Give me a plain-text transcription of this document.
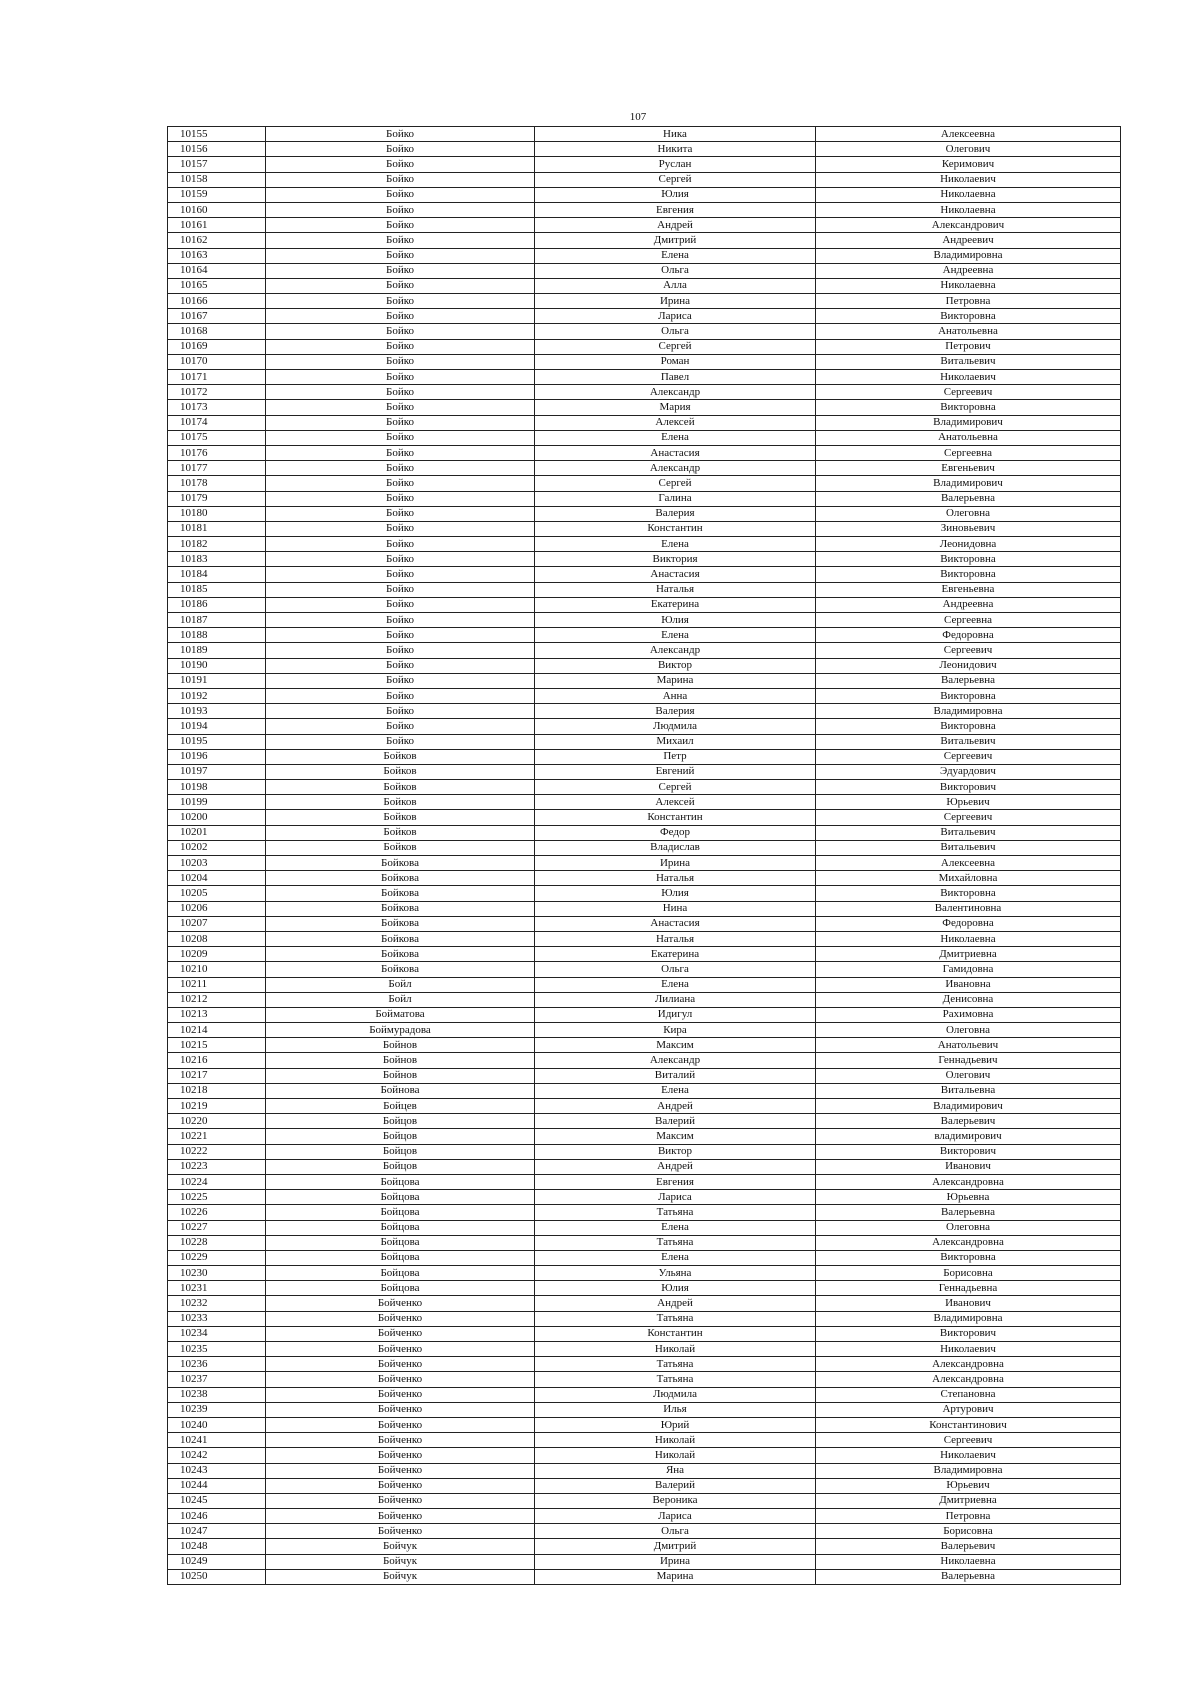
107
10155	Бойко	Ника	Алексеевна
10156	Бойко	Никита	Олегович
10157	Бойко	Руслан	Керимович
10158	Бойко	Сергей	Николаевич
10159	Бойко	Юлия	Николаевна
10160	Бойко	Евгения	Николаевна
10161	Бойко	Андрей	Александрович
10162	Бойко	Дмитрий	Андреевич
10163	Бойко	Елена	Владимировна
10164	Бойко	Ольга	Андреевна
10165	Бойко	Алла	Николаевна
10166	Бойко	Ирина	Петровна
10167	Бойко	Лариса	Викторовна
10168	Бойко	Ольга	Анатольевна
10169	Бойко	Сергей	Петрович
10170	Бойко	Роман	Витальевич
10171	Бойко	Павел	Николаевич
10172	Бойко	Александр	Сергеевич
10173	Бойко	Мария	Викторовна
10174	Бойко	Алексей	Владимирович
10175	Бойко	Елена	Анатольевна
10176	Бойко	Анастасия	Сергеевна
10177	Бойко	Александр	Евгеньевич
10178	Бойко	Сергей	Владимирович
10179	Бойко	Галина	Валерьевна
10180	Бойко	Валерия	Олеговна
10181	Бойко	Константин	Зиновьевич
10182	Бойко	Елена	Леонидовна
10183	Бойко	Виктория	Викторовна
10184	Бойко	Анастасия	Викторовна
10185	Бойко	Наталья	Евгеньевна
10186	Бойко	Екатерина	Андреевна
10187	Бойко	Юлия	Сергеевна
10188	Бойко	Елена	Федоровна
10189	Бойко	Александр	Сергеевич
10190	Бойко	Виктор	Леонидович
10191	Бойко	Марина	Валерьевна
10192	Бойко	Анна	Викторовна
10193	Бойко	Валерия	Владимировна
10194	Бойко	Людмила	Викторовна
10195	Бойко	Михаил	Витальевич
10196	Бойков	Петр	Сергеевич
10197	Бойков	Евгений	Эдуардович
10198	Бойков	Сергей	Викторович
10199	Бойков	Алексей	Юрьевич
10200	Бойков	Константин	Сергеевич
10201	Бойков	Федор	Витальевич
10202	Бойков	Владислав	Витальевич
10203	Бойкова	Ирина	Алексеевна
10204	Бойкова	Наталья	Михайловна
10205	Бойкова	Юлия	Викторовна
10206	Бойкова	Нина	Валентиновна
10207	Бойкова	Анастасия	Федоровна
10208	Бойкова	Наталья	Николаевна
10209	Бойкова	Екатерина	Дмитриевна
10210	Бойкова	Ольга	Гамидовна
10211	Бойл	Елена	Ивановна
10212	Бойл	Лилиана	Денисовна
10213	Бойматова	Идигул	Рахимовна
10214	Боймурадова	Кира	Олеговна
10215	Бойнов	Максим	Анатольевич
10216	Бойнов	Александр	Геннадьевич
10217	Бойнов	Виталий	Олегович
10218	Бойнова	Елена	Витальевна
10219	Бойцев	Андрей	Владимирович
10220	Бойцов	Валерий	Валерьевич
10221	Бойцов	Максим	владимирович
10222	Бойцов	Виктор	Викторович
10223	Бойцов	Андрей	Иванович
10224	Бойцова	Евгения	Александровна
10225	Бойцова	Лариса	Юрьевна
10226	Бойцова	Татьяна	Валерьевна
10227	Бойцова	Елена	Олеговна
10228	Бойцова	Татьяна	Александровна
10229	Бойцова	Елена	Викторовна
10230	Бойцова	Ульяна	Борисовна
10231	Бойцова	Юлия	Геннадьевна
10232	Бойченко	Андрей	Иванович
10233	Бойченко	Татьяна	Владимировна
10234	Бойченко	Константин	Викторович
10235	Бойченко	Николай	Николаевич
10236	Бойченко	Татьяна	Александровна
10237	Бойченко	Татьяна	Александровна
10238	Бойченко	Людмила	Степановна
10239	Бойченко	Илья	Артурович
10240	Бойченко	Юрий	Константинович
10241	Бойченко	Николай	Сергеевич
10242	Бойченко	Николай	Николаевич
10243	Бойченко	Яна	Владимировна
10244	Бойченко	Валерий	Юрьевич
10245	Бойченко	Вероника	Дмитриевна
10246	Бойченко	Лариса	Петровна
10247	Бойченко	Ольга	Борисовна
10248	Бойчук	Дмитрий	Валерьевич
10249	Бойчук	Ирина	Николаевна
10250	Бойчук	Марина	Валерьевна
